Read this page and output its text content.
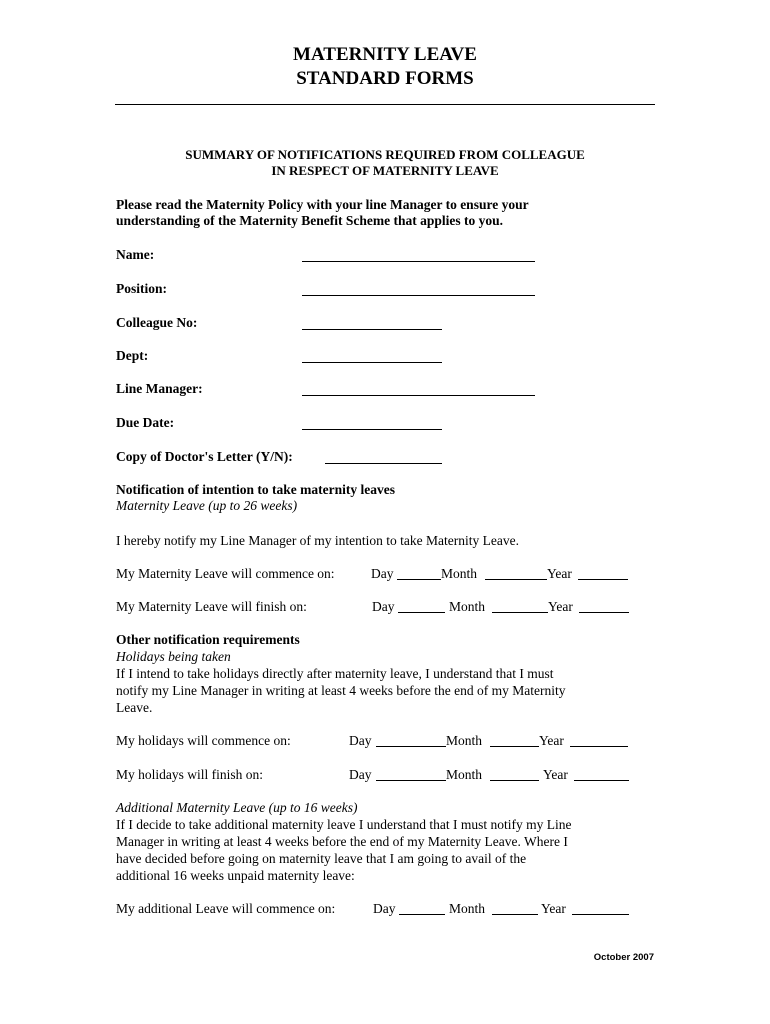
MATERNITY LEAVE
STANDARD FORMS
SUMMARY OF NOTIFICATIONS REQUIRED FROM COLLEAGUE
IN RESPECT OF MATERNITY LEAVE
Please read the Maternity Policy with your line Manager to ensure your
understanding of the Maternity Benefit Scheme that applies to you.
Name:
Position:
Colleague No:
Dept:
Line Manager:
Due Date:
Copy of Doctor's Letter (Y/N):
Notification of intention to take maternity leaves
Maternity Leave (up to 26 weeks)
I hereby notify my Line Manager of my intention to take Maternity Leave.
My Maternity Leave will commence on:	Day	Month	Year
My Maternity Leave will finish on:	Day	Month	Year
Other notification requirements
Holidays being taken
If I intend to take holidays directly after maternity leave, I understand that I must
notify my Line Manager in writing at least 4 weeks before the end of my Maternity
Leave.
My holidays will commence on:	Day	Month	Year
My holidays will finish on:	Day	Month	Year
Additional Maternity Leave (up to 16 weeks)
If I decide to take additional maternity leave I understand that I must notify my Line
Manager in writing at least 4 weeks before the end of my Maternity Leave. Where I
have decided before going on maternity leave that I am going to avail of the
additional 16 weeks unpaid maternity leave:
My additional Leave will commence on:	Day	Month	Year
October 2007
